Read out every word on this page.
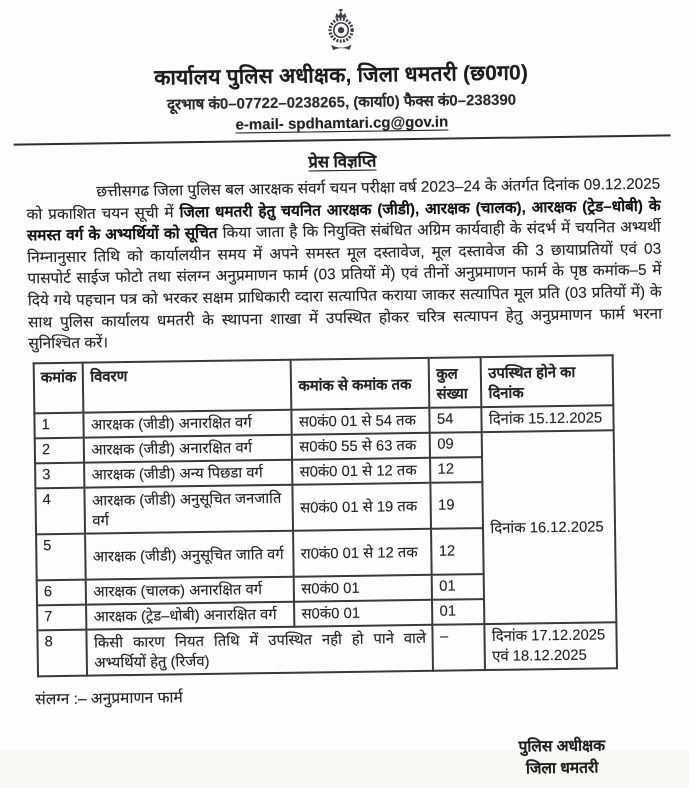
कार्यालय पुलिस अधीक्षक, जिला धमतरी (छ0ग0)

दूरभाष कं0–07722–0238265, (कार्या0) फैक्स कं0–238390

e-mail- spdhamtari.cg@gov.in

प्रेस विज्ञप्ति

छत्तीसगढ जिला पुलिस बल आरक्षक संवर्ग चयन परीक्षा वर्ष 2023–24 के अंतर्गत दिनांक 09.12.2025 को प्रकाशित चयन सूची में जिला धमतरी हेतु चयनित आरक्षक (जीडी), आरक्षक (चालक), आरक्षक (ट्रेड–धोबी) के समस्त वर्ग के अभ्यर्थियों को सूचित किया जाता है कि नियुक्ति संबंधित अग्रिम कार्यवाही के संदर्भ में चयनित अभ्यर्थी निम्नानुसार तिथि को कार्यालयीन समय में अपने समस्त मूल दस्तावेज, मूल दस्तावेज की 3 छायाप्रतियों एवं 03 पासपोर्ट साईज फोटो तथा संलग्न अनुप्रमाणन फार्म (03 प्रतियों में) एवं तीनों अनुप्रमाणन फार्म के पृष्ठ कमांक–5 में दिये गये पहचान पत्र को भरकर सक्षम प्राधिकारी व्दारा सत्यापित कराया जाकर सत्यापित मूल प्रति (03 प्रतियों में) के साथ पुलिस कार्यालय धमतरी के स्थापना शाखा में उपस्थित होकर चरित्र सत्यापन हेतु अनुप्रमाणन फार्म भरना सुनिश्चित करें।

कमांक	विवरण	कमांक से कमांक तक	कुल संख्या	उपस्थित होने का दिनांक
1	आरक्षक (जीडी) अनारक्षित वर्ग	स0कं0 01 से 54 तक	54	दिनांक 15.12.2025
2	आरक्षक (जीडी) अनारक्षित वर्ग	स0कं0 55 से 63 तक	09	दिनांक 16.12.2025
3	आरक्षक (जीडी) अन्य पिछडा वर्ग	स0कं0 01 से 12 तक	12	
4	आरक्षक (जीडी) अनुसूचित जनजाति वर्ग	स0कं0 01 से 19 तक	19	
5	आरक्षक (जीडी) अनुसूचित जाति वर्ग	रा0कं0 01 से 12 तक	12	
6	आरक्षक (चालक) अनारक्षित वर्ग	स0कं0 01	01	
7	आरक्षक (ट्रेड–धोबी) अनारक्षित वर्ग	स0कं0 01	01	
8	किसी कारण नियत तिथि में उपस्थित नही हो पाने वाले अभ्यर्थियों हेतु (रिर्जव)		–	दिनांक 17.12.2025 एवं 18.12.2025

संलग्न :– अनुप्रमाणन फार्म

पुलिस अधीक्षक
जिला धमतरी
